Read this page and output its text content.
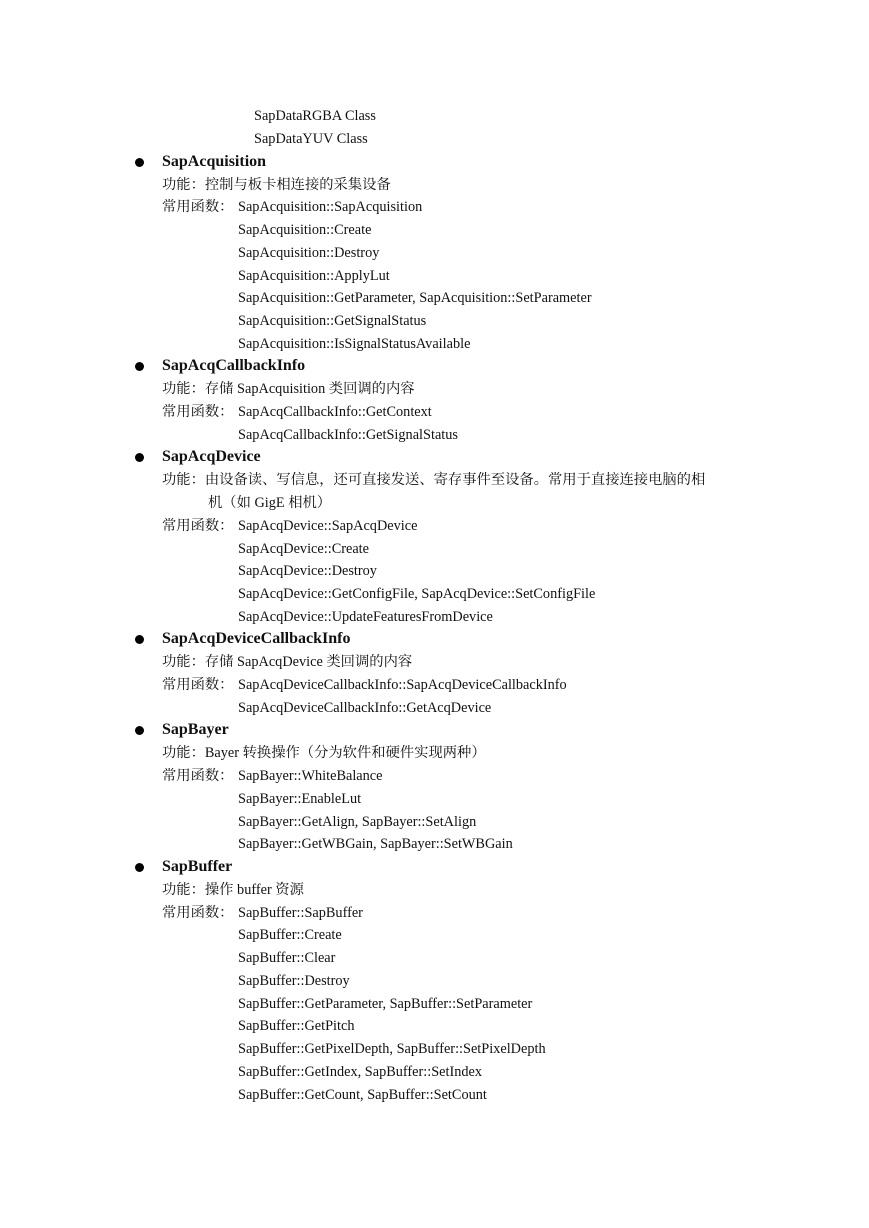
SapDataRGBA Class
SapDataYUV Class
SapAcquisition
功能：控制与板卡相连接的采集设备
常用函数： SapAcquisition::SapAcquisition
SapAcquisition::Create
SapAcquisition::Destroy
SapAcquisition::ApplyLut
SapAcquisition::GetParameter, SapAcquisition::SetParameter
SapAcquisition::GetSignalStatus
SapAcquisition::IsSignalStatusAvailable
SapAcqCallbackInfo
功能：存储 SapAcquisition 类回调的内容
常用函数： SapAcqCallbackInfo::GetContext
SapAcqCallbackInfo::GetSignalStatus
SapAcqDevice
功能：由设备读、写信息，还可直接发送、寄存事件至设备。常用于直接连接电脑的相
机（如 GigE 相机）
常用函数： SapAcqDevice::SapAcqDevice
SapAcqDevice::Create
SapAcqDevice::Destroy
SapAcqDevice::GetConfigFile, SapAcqDevice::SetConfigFile
SapAcqDevice::UpdateFeaturesFromDevice
SapAcqDeviceCallbackInfo
功能：存储 SapAcqDevice 类回调的内容
常用函数： SapAcqDeviceCallbackInfo::SapAcqDeviceCallbackInfo
SapAcqDeviceCallbackInfo::GetAcqDevice
SapBayer
功能：Bayer 转换操作（分为软件和硬件实现两种）
常用函数： SapBayer::WhiteBalance
SapBayer::EnableLut
SapBayer::GetAlign, SapBayer::SetAlign
SapBayer::GetWBGain, SapBayer::SetWBGain
SapBuffer
功能：操作 buffer 资源
常用函数： SapBuffer::SapBuffer
SapBuffer::Create
SapBuffer::Clear
SapBuffer::Destroy
SapBuffer::GetParameter, SapBuffer::SetParameter
SapBuffer::GetPitch
SapBuffer::GetPixelDepth, SapBuffer::SetPixelDepth
SapBuffer::GetIndex, SapBuffer::SetIndex
SapBuffer::GetCount, SapBuffer::SetCount
